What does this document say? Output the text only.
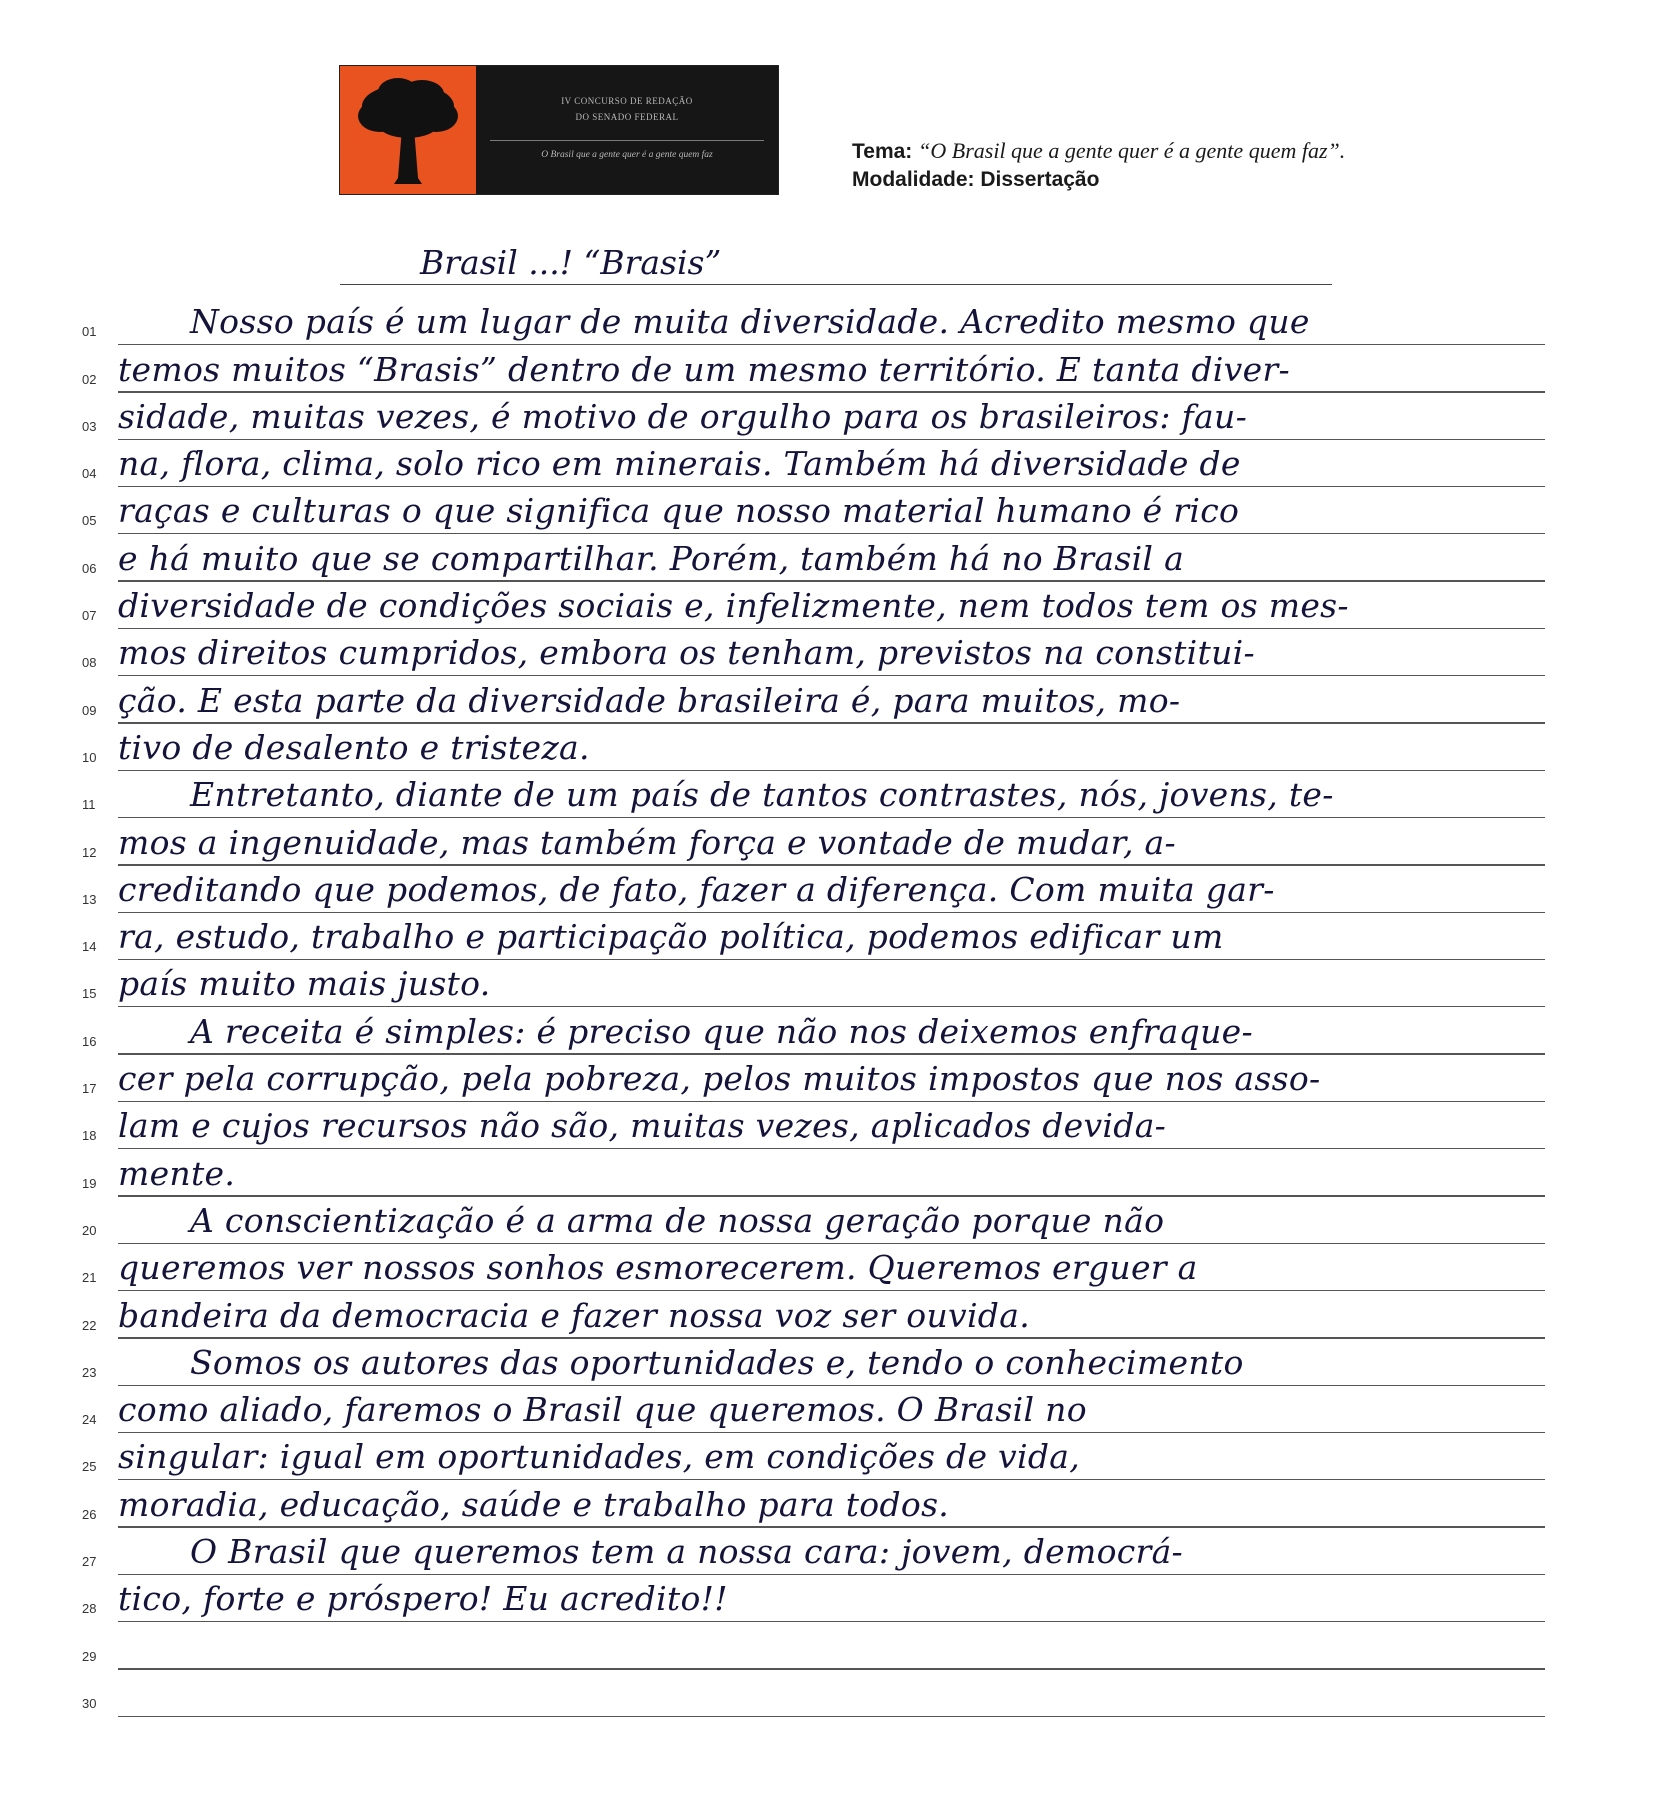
IV CONCURSO DE REDAÇÃO
DO SENADO FEDERAL
O Brasil que a gente quer é a gente quem faz	Tema: “O Brasil que a gente quer é a gente quem faz”.
Modalidade: Dissertação
Brasil ...! “Brasis”
01	Nosso país é um lugar de muita diversidade. Acredito mesmo que
02 temos muitos “Brasis” dentro de um mesmo território. E tanta diver-
03 sidade, muitas vezes, é motivo de orgulho para os brasileiros: fau-
04 na, flora, clima, solo rico em minerais. Também há diversidade de
05 raças e culturas o que significa que nosso material humano é rico
06 e há muito que se compartilhar. Porém, também há no Brasil a
07 diversidade de condições sociais e, infelizmente, nem todos tem os mes-
08 mos direitos cumpridos, embora os tenham, previstos na constitui-
09 ção. E esta parte da diversidade brasileira é, para muitos, mo-
10 tivo de desalento e tristeza.
11	Entretanto, diante de um país de tantos contrastes, nós, jovens, te-
12 mos a ingenuidade, mas também força e vontade de mudar, a-
13 creditando que podemos, de fato, fazer a diferença. Com muita gar-
14 ra, estudo, trabalho e participação política, podemos edificar um
15 país muito mais justo.
16	A receita é simples: é preciso que não nos deixemos enfraque-
17 cer pela corrupção, pela pobreza, pelos muitos impostos que nos asso-
18 lam e cujos recursos não são, muitas vezes, aplicados devida-
19 mente.
20	A conscientização é a arma de nossa geração porque não
21 queremos ver nossos sonhos esmorecerem. Queremos erguer a
22 bandeira da democracia e fazer nossa voz ser ouvida.
23	Somos os autores das oportunidades e, tendo o conhecimento
24 como aliado, faremos o Brasil que queremos. O Brasil no
25 singular: igual em oportunidades, em condições de vida,
26 moradia, educação, saúde e trabalho para todos.
27	O Brasil que queremos tem a nossa cara: jovem, democrá-
28 tico, forte e próspero! Eu acredito!!
29
30
